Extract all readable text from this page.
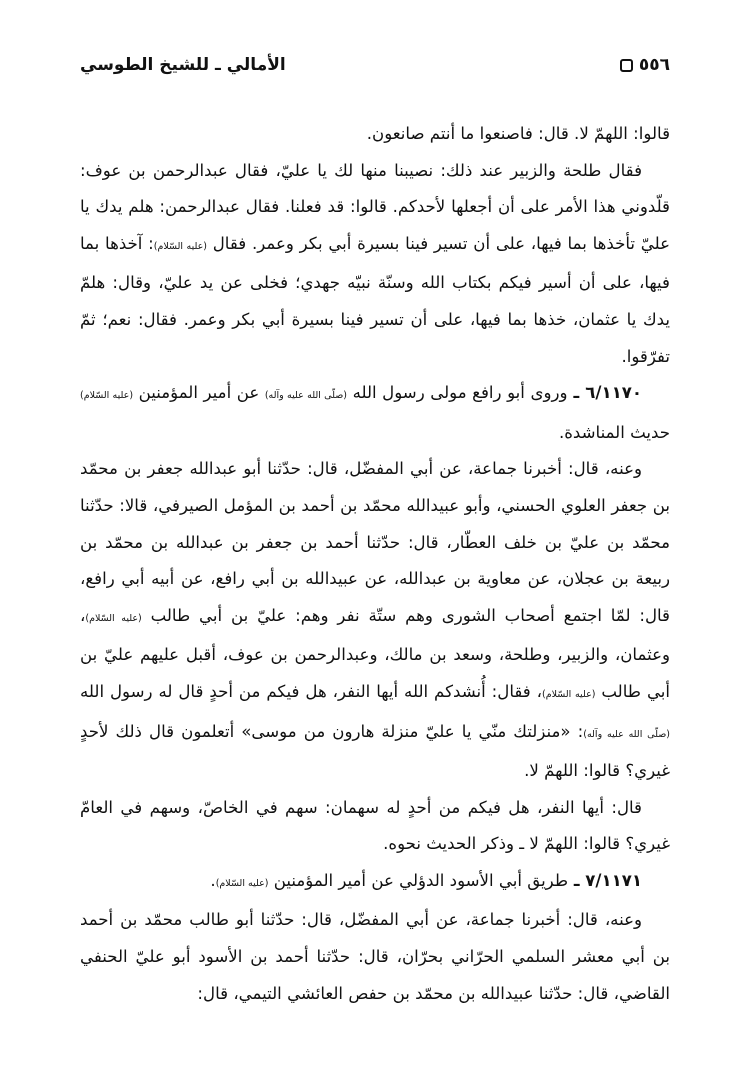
٥٥٦
الأمالي ـ للشيخ الطوسي

قالوا: اللهمّ لا. قال: فاصنعوا ما أنتم صانعون.

فقال طلحة والزبير عند ذلك: نصيبنا منها لك يا عليّ، فقال عبدالرحمن بن عوف: قلّدوني هذا الأمر على أن أجعلها لأحدكم. قالوا: قد فعلنا. فقال عبدالرحمن: هلم يدك يا عليّ تأخذها بما فيها، على أن تسير فينا بسيرة أبي بكر وعمر. فقال (عليه السّلام): آخذها بما فيها، على أن أسير فيكم بكتاب الله وسنّة نبيّه جهدي؛ فخلى عن يد عليّ، وقال: هلمّ يدك يا عثمان، خذها بما فيها، على أن تسير فينا بسيرة أبي بكر وعمر. فقال: نعم؛ ثمّ تفرّقوا.

٦/١١٧٠ ـ وروى أبو رافع مولى رسول الله (صلّى الله عليه وآله) عن أمير المؤمنين (عليه السّلام) حديث المناشدة.

وعنه، قال: أخبرنا جماعة، عن أبي المفضّل، قال: حدّثنا أبو عبدالله جعفر بن محمّد بن جعفر العلوي الحسني، وأبو عبيدالله محمّد بن أحمد بن المؤمل الصيرفي، قالا: حدّثنا محمّد بن عليّ بن خلف العطّار، قال: حدّثنا أحمد بن جعفر بن عبدالله بن محمّد بن ربيعة بن عجلان، عن معاوية بن عبدالله، عن عبيدالله بن أبي رافع، عن أبيه أبي رافع، قال: لمّا اجتمع أصحاب الشورى وهم ستّة نفر وهم: عليّ بن أبي طالب (عليه السّلام)، وعثمان، والزبير، وطلحة، وسعد بن مالك، وعبدالرحمن بن عوف، أقبل عليهم عليّ بن أبي طالب (عليه السّلام)، فقال: أُنشدكم الله أيها النفر، هل فيكم من أحدٍ قال له رسول الله (صلّى الله عليه وآله): «منزلتك منّي يا عليّ منزلة هارون من موسى» أتعلمون قال ذلك لأحدٍ غيري؟ قالوا: اللهمّ لا.

قال: أيها النفر، هل فيكم من أحدٍ له سهمان: سهم في الخاصّ، وسهم في العامّ غيري؟ قالوا: اللهمّ لا ـ وذكر الحديث نحوه.

٧/١١٧١ ـ طريق أبي الأسود الدؤلي عن أمير المؤمنين (عليه السّلام).

وعنه، قال: أخبرنا جماعة، عن أبي المفضّل، قال: حدّثنا أبو طالب محمّد بن أحمد بن أبي معشر السلمي الحرّاني بحرّان، قال: حدّثنا أحمد بن الأسود أبو عليّ الحنفي القاضي، قال: حدّثنا عبيدالله بن محمّد بن حفص العائشي التيمي، قال:
